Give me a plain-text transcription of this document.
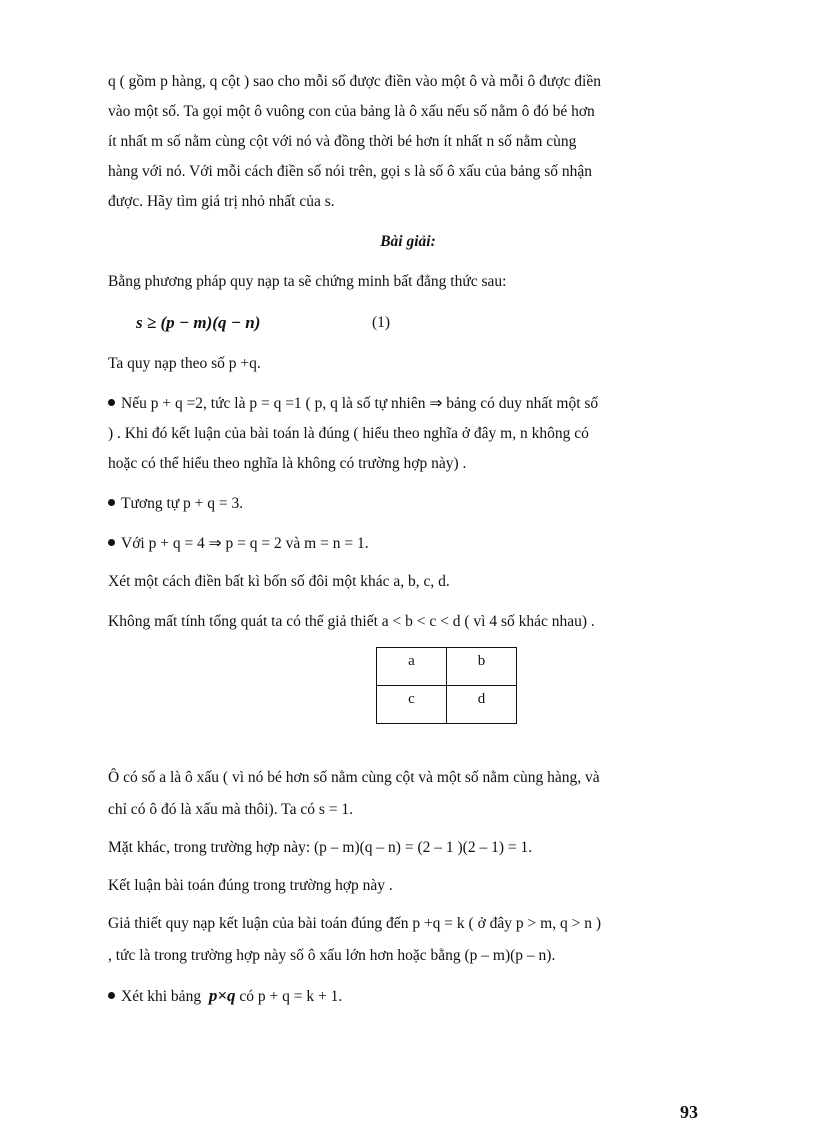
q ( gồm p hàng, q cột ) sao cho mỗi số được điền vào một ô và mỗi ô được điền
vào một số. Ta gọi một ô vuông con của bảng là ô xấu nếu số nằm ô đó bé hơn
ít nhất m số nằm cùng cột với nó và đồng thời bé hơn ít nhất n số nằm cùng
hàng với nó. Với mỗi cách điền số nói trên, gọi s là số ô xấu của bảng số nhận
được. Hãy tìm giá trị nhỏ nhất của s.
Bài giải:
Bằng phương pháp quy nạp ta sẽ chứng minh bất đẳng thức sau:
s ≥ (p − m)(q − n)	(1)
Ta quy nạp theo số p +q.
Nếu p + q =2, tức là p = q =1 ( p, q là số tự nhiên ⇒ bảng có duy nhất một số
) . Khi đó kết luận của bài toán là đúng ( hiểu theo nghĩa ở đây m, n không có
hoặc có thể hiểu theo nghĩa là không có trường hợp này) .
Tương tự p + q = 3.
Với p + q = 4 ⇒ p = q = 2 và m = n = 1.
Xét một cách điền bất kì bốn số đôi một khác a, b, c, d.
Không mất tính tổng quát ta có thể giả thiết a < b < c < d ( vì 4 số khác nhau) .
a	b
c	d
Ô có số a là ô xấu ( vì nó bé hơn số nằm cùng cột và một số nằm cùng hàng, và
chỉ có ô đó là xấu mà thôi). Ta có s = 1.
Mặt khác, trong trường hợp này: (p – m)(q – n) = (2 – 1 )(2 – 1) = 1.
Kết luận bài toán đúng trong trường hợp này .
Giả thiết quy nạp kết luận của bài toán đúng đến p +q = k ( ở đây p > m, q > n )
, tức là trong trường hợp này số ô xấu lớn hơn hoặc bằng (p – m)(p – n).
Xét khi bảng p×q có p + q = k + 1.
93
